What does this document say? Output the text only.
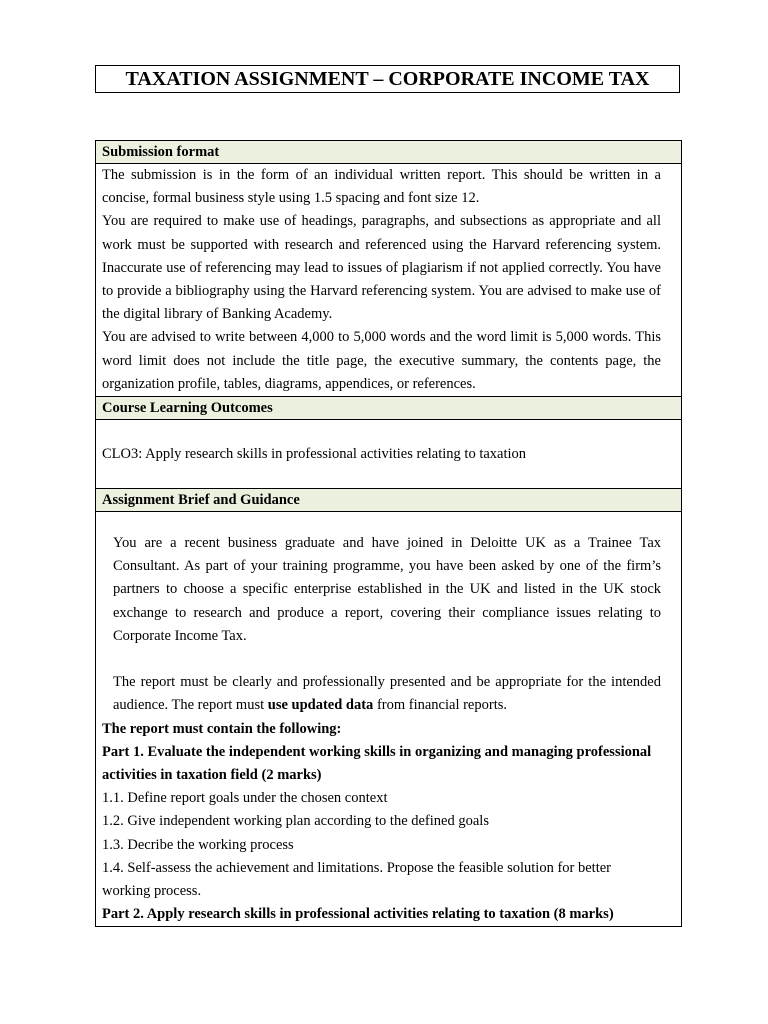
TAXATION ASSIGNMENT – CORPORATE INCOME TAX
Submission format

The submission is in the form of an individual written report. This should be written in a concise, formal business style using 1.5 spacing and font size 12.

You are required to make use of headings, paragraphs, and subsections as appropriate and all work must be supported with research and referenced using the Harvard referencing system. Inaccurate use of referencing may lead to issues of plagiarism if not applied correctly. You have to provide a bibliography using the Harvard referencing system. You are advised to make use of the digital library of Banking Academy.

You are advised to write between 4,000 to 5,000 words and the word limit is 5,000 words. This word limit does not include the title page, the executive summary, the contents page, the organization profile, tables, diagrams, appendices, or references.

Course Learning Outcomes
CLO3: Apply research skills in professional activities relating to taxation
Assignment Brief and Guidance

You are a recent business graduate and have joined in Deloitte UK as a Trainee Tax Consultant. As part of your training programme, you have been asked by one of the firm’s partners to choose a specific enterprise established in the UK and listed in the UK stock exchange to research and produce a report, covering their compliance issues relating to Corporate Income Tax.

The report must be clearly and professionally presented and be appropriate for the intended audience. The report must use updated data from financial reports.

The report must contain the following:

Part 1. Evaluate the independent working skills in organizing and managing professional activities in taxation field (2 marks)

1.1. Define report goals under the chosen context

1.2. Give independent working plan according to the defined goals

1.3. Decribe the working process

1.4. Self-assess the achievement and limitations. Propose the feasible solution for better working process.

Part 2. Apply research skills in professional activities relating to taxation (8 marks)
